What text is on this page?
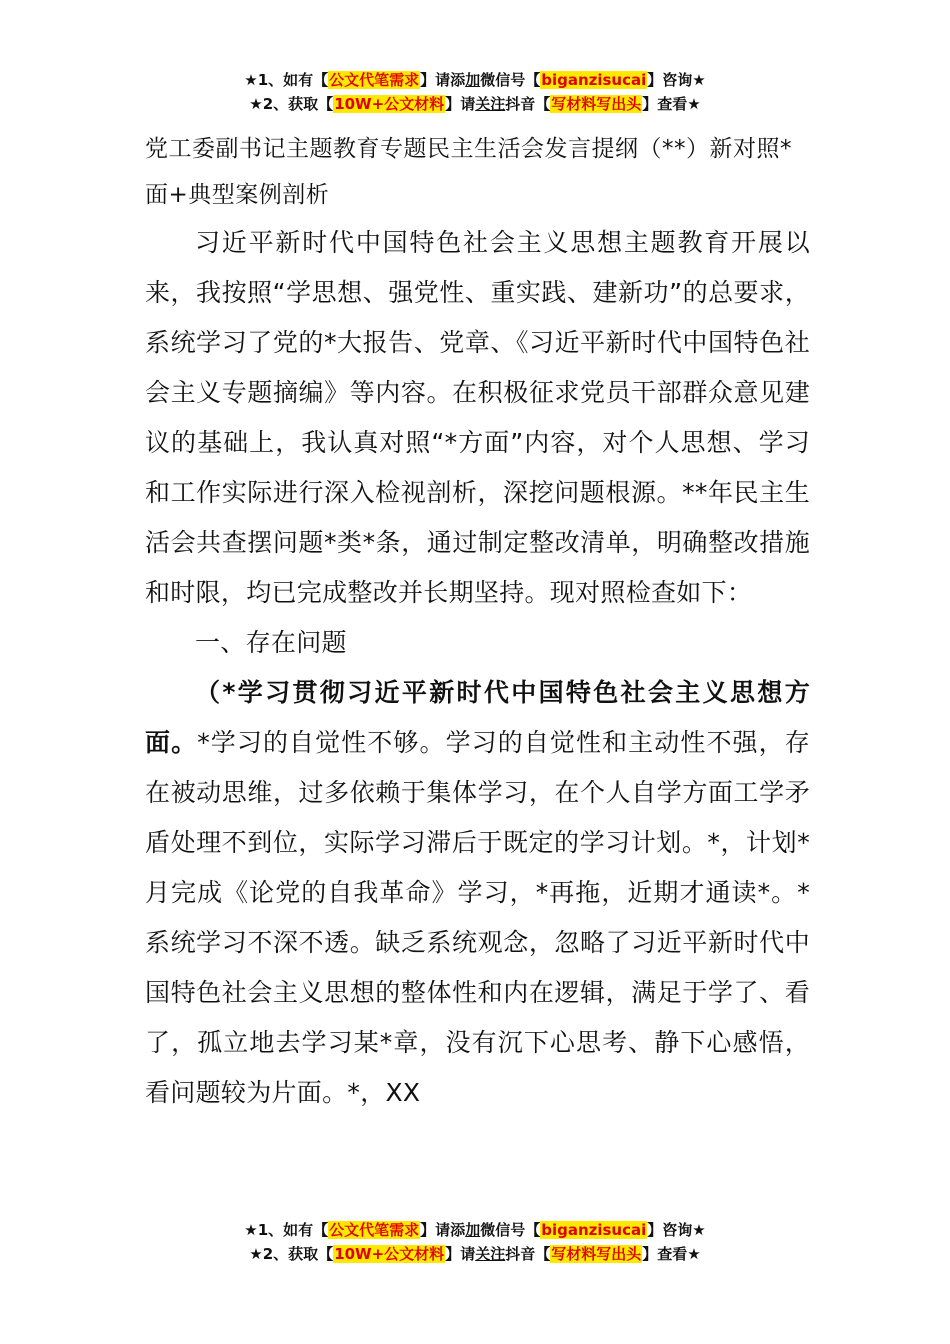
★1、如有【公文代笔需求】请添加微信号【biganzisucai】咨询★
★2、获取【10W+公文材料】请关注抖音【写材料写出头】查看★
党工委副书记主题教育专题民主生活会发言提纲（**）新对照*面+典型案例剖析

习近平新时代中国特色社会主义思想主题教育开展以来，我按照“学思想、强党性、重实践、建新功”的总要求，系统学习了党的*大报告、党章、《习近平新时代中国特色社会主义专题摘编》等内容。在积极征求党员干部群众意见建议的基础上，我认真对照“*方面”内容，对个人思想、学习和工作实际进行深入检视剖析，深挖问题根源。**年民主生活会共查摆问题*类*条，通过制定整改清单，明确整改措施和时限，均已完成整改并长期坚持。现对照检查如下：

一、存在问题

（*学习贯彻习近平新时代中国特色社会主义思想方面。*学习的自觉性不够。学习的自觉性和主动性不强，存在被动思维，过多依赖于集体学习，在个人自学方面工学矛盾处理不到位，实际学习滞后于既定的学习计划。*，计划*月完成《论党的自我革命》学习，*再拖，近期才通读*。*系统学习不深不透。缺乏系统观念，忽略了习近平新时代中国特色社会主义思想的整体性和内在逻辑，满足于学了、看了，孤立地去学习某*章，没有沉下心思考、静下心感悟，看问题较为片面。*，XX

★1、如有【公文代笔需求】请添加微信号【biganzisucai】咨询★
★2、获取【10W+公文材料】请关注抖音【写材料写出头】查看★
